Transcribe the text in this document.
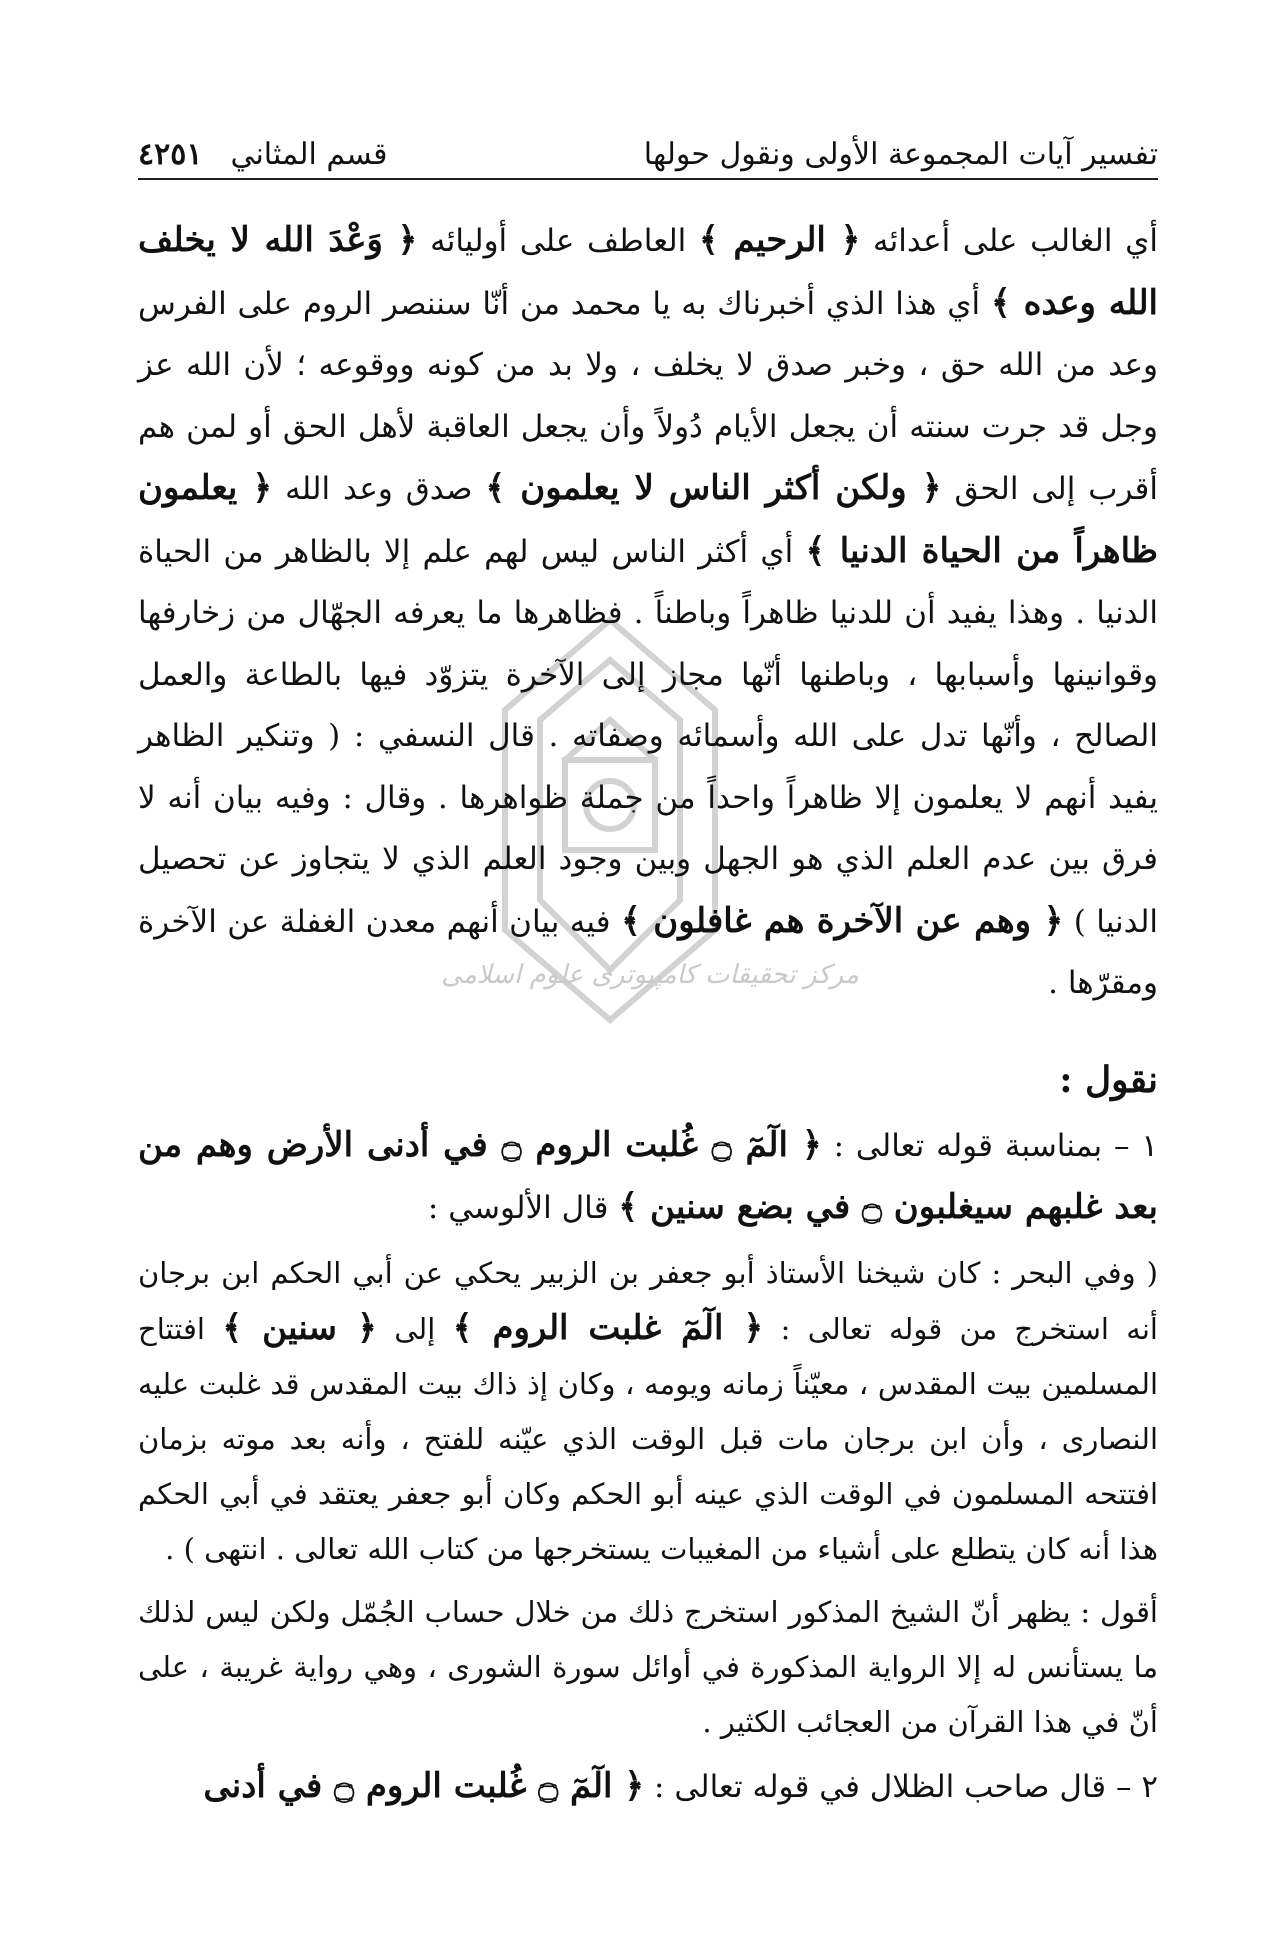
تفسير آيات المجموعة الأولى ونقول حولها
قسم المثاني
٤٢٥١
مرکز تحقیقات کامپیوتری علوم اسلامی

أي الغالب على أعدائه ﴿ الرحيم ﴾ العاطف على أوليائه ﴿ وَعْدَ الله لا يخلف الله وعده ﴾ أي هذا الذي أخبرناك به يا محمد من أنّا سننصر الروم على الفرس وعد من الله حق ، وخبر صدق لا يخلف ، ولا بد من كونه ووقوعه ؛ لأن الله عز وجل قد جرت سنته أن يجعل الأيام دُولاً وأن يجعل العاقبة لأهل الحق أو لمن هم أقرب إلى الحق ﴿ ولكن أكثر الناس لا يعلمون ﴾ صدق وعد الله ﴿ يعلمون ظاهراً من الحياة الدنيا ﴾ أي أكثر الناس ليس لهم علم إلا بالظاهر من الحياة الدنيا . وهذا يفيد أن للدنيا ظاهراً وباطناً . فظاهرها ما يعرفه الجهّال من زخارفها وقوانينها وأسبابها ، وباطنها أنّها مجاز إلى الآخرة يتزوّد فيها بالطاعة والعمل الصالح ، وأنّها تدل على الله وأسمائه وصفاته . قال النسفي : ( وتنكير الظاهر يفيد أنهم لا يعلمون إلا ظاهراً واحداً من جملة ظواهرها . وقال : وفيه بيان أنه لا فرق بين عدم العلم الذي هو الجهل وبين وجود العلم الذي لا يتجاوز عن تحصيل الدنيا ) ﴿ وهم عن الآخرة هم غافلون ﴾ فيه بيان أنهم معدن الغفلة عن الآخرة ومقرّها .

نقول :

١ – بمناسبة قوله تعالى : ﴿ الٓمٓ ۝ غُلبت الروم ۝ في أدنى الأرض وهم من بعد غلبهم سيغلبون ۝ في بضع سنين ﴾ قال الألوسي :

( وفي البحر : كان شيخنا الأستاذ أبو جعفر بن الزبير يحكي عن أبي الحكم ابن برجان أنه استخرج من قوله تعالى : ﴿ الٓمٓ غلبت الروم ﴾ إلى ﴿ سنين ﴾ افتتاح المسلمين بيت المقدس ، معيّناً زمانه ويومه ، وكان إذ ذاك بيت المقدس قد غلبت عليه النصارى ، وأن ابن برجان مات قبل الوقت الذي عيّنه للفتح ، وأنه بعد موته بزمان افتتحه المسلمون في الوقت الذي عينه أبو الحكم وكان أبو جعفر يعتقد في أبي الحكم هذا أنه كان يتطلع على أشياء من المغيبات يستخرجها من كتاب الله تعالى . انتهى ) .

أقول : يظهر أنّ الشيخ المذكور استخرج ذلك من خلال حساب الجُمّل ولكن ليس لذلك ما يستأنس له إلا الرواية المذكورة في أوائل سورة الشورى ، وهي رواية غريبة ، على أنّ في هذا القرآن من العجائب الكثير .

٢ – قال صاحب الظلال في قوله تعالى : ﴿ الٓمٓ ۝ غُلبت الروم ۝ في أدنى
